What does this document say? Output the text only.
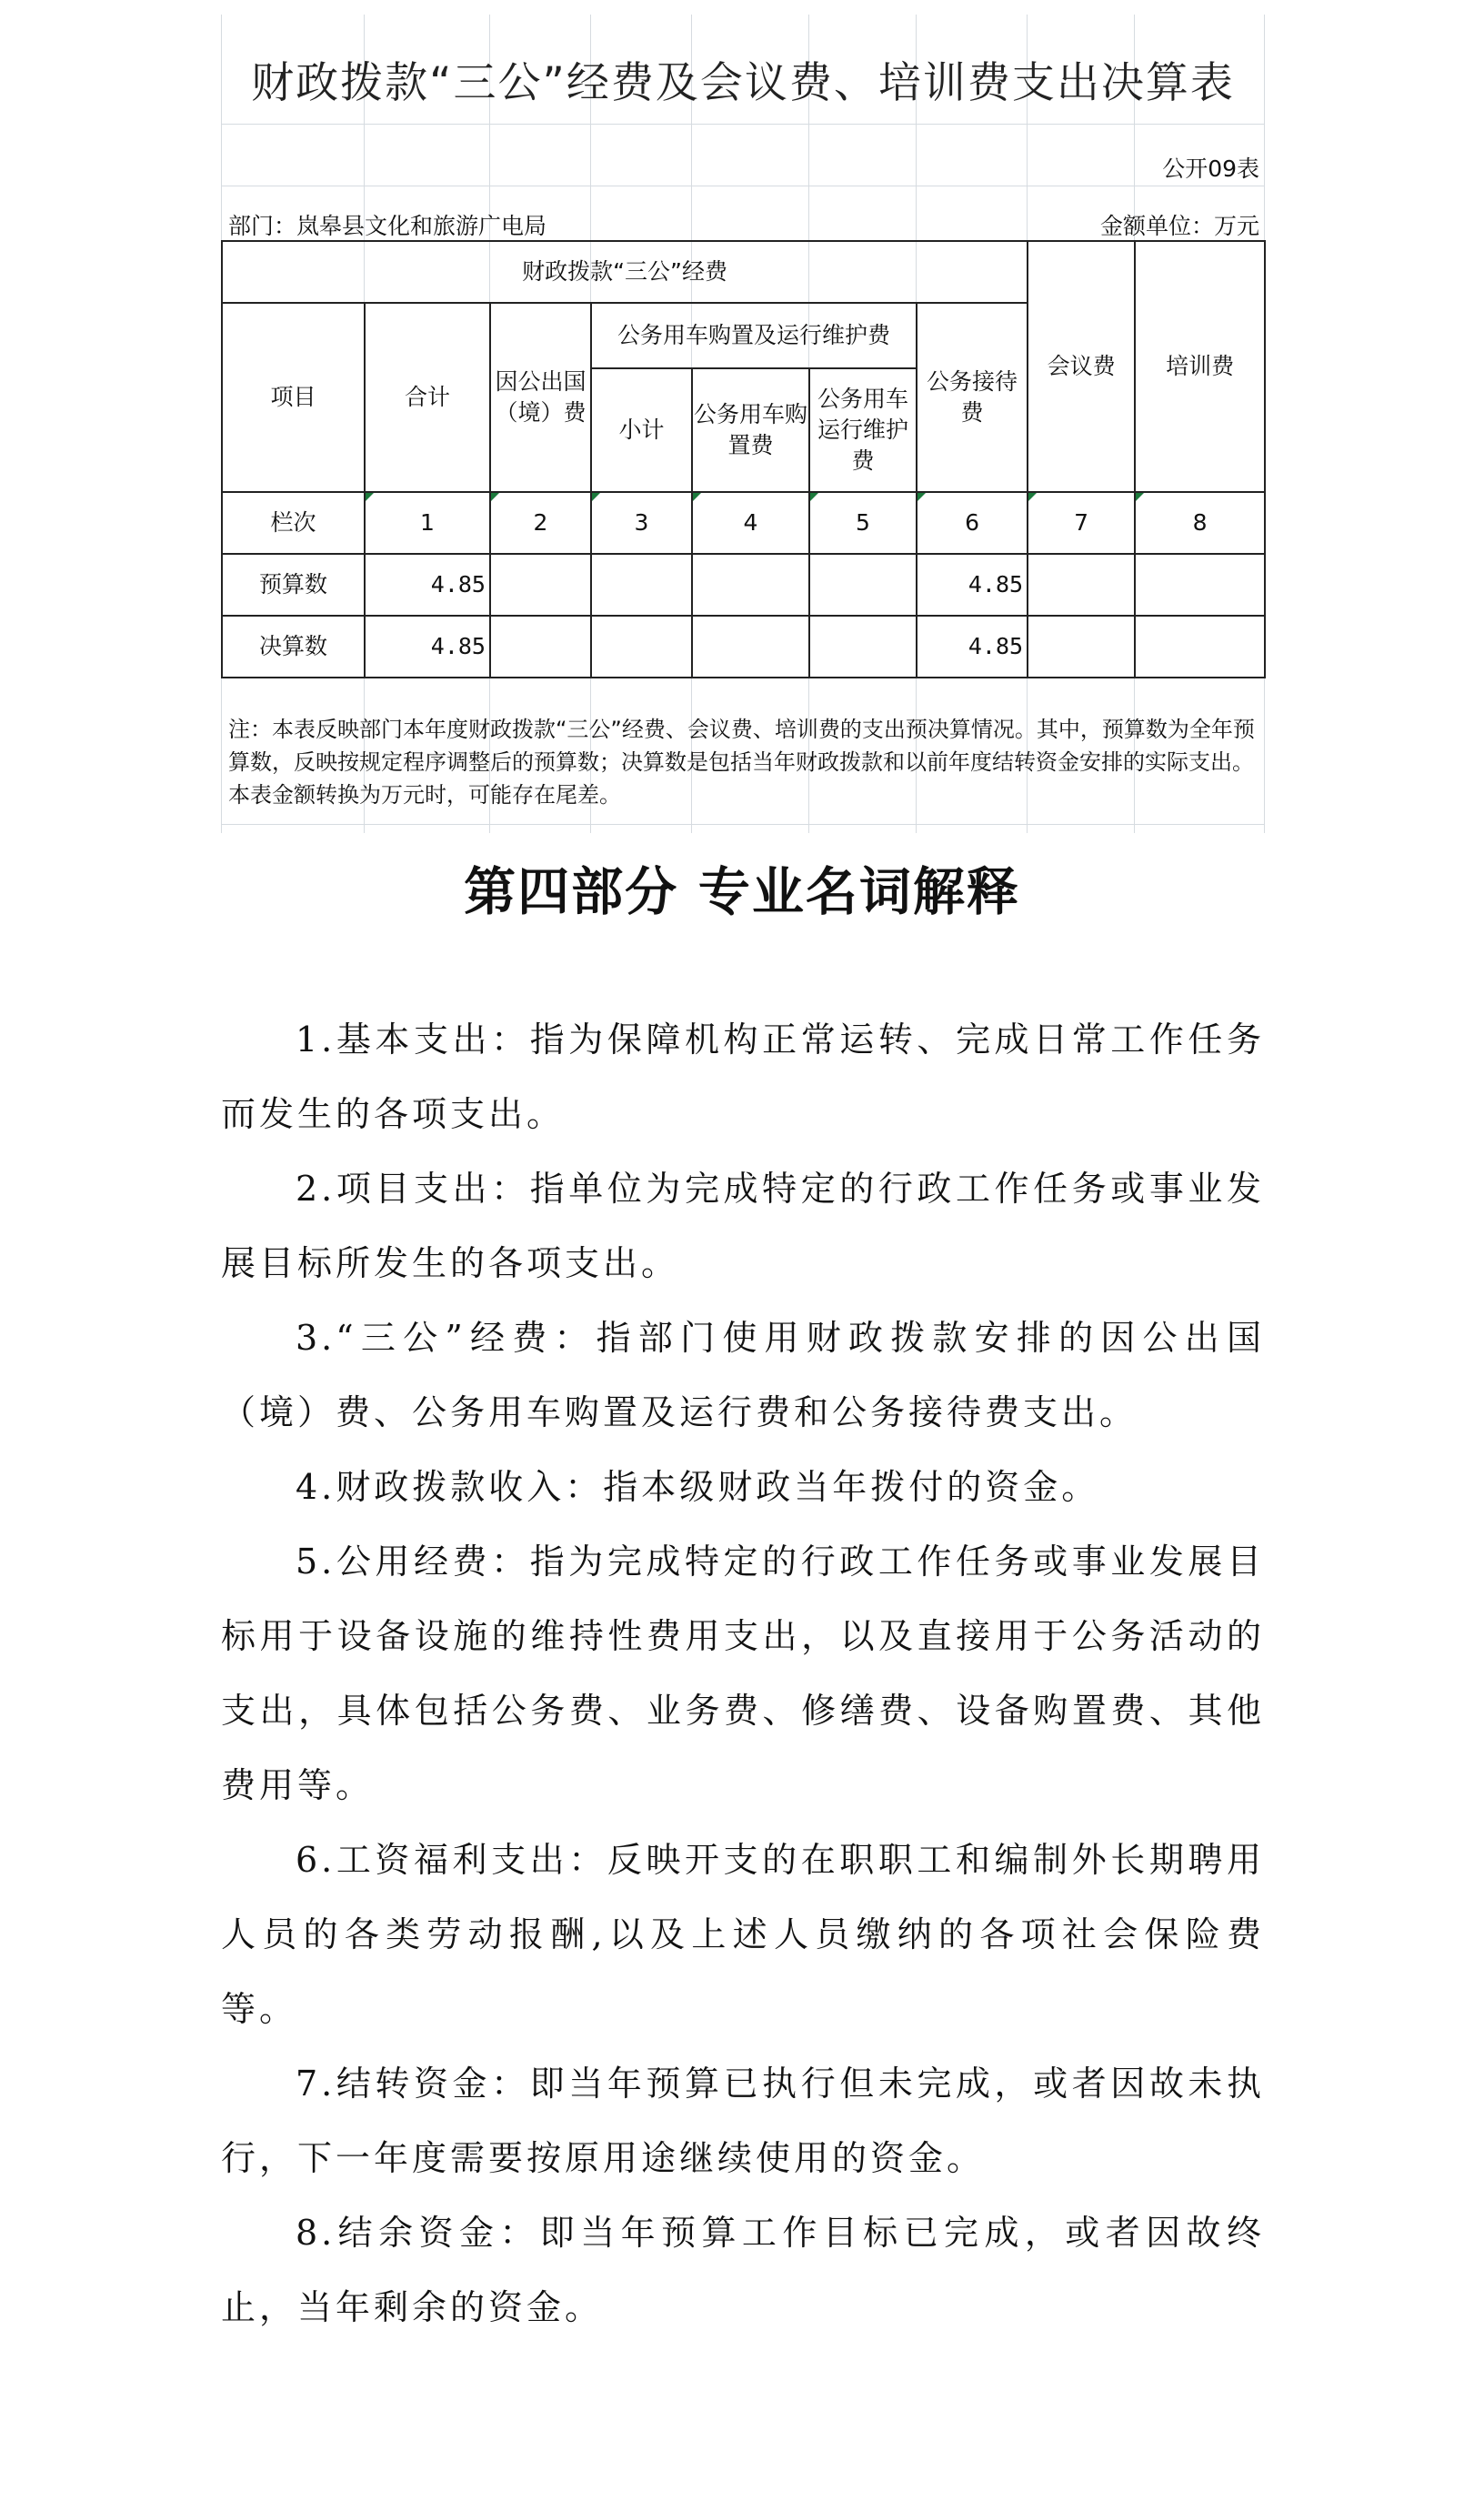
财政拨款“三公”经费及会议费、培训费支出决算表
公开09表
部门：岚皋县文化和旅游广电局	金额单位：万元
财政拨款“三公”经费							会议费	培训费
项目	合计	因公出国（境）费	公务用车购置及运行维护费			公务接待费		
			小计	公务用车购置费	公务用车运行维护费			
栏次	1	2	3	4	5	6	7	8
预算数	4.85					4.85		
决算数	4.85					4.85		
注：本表反映部门本年度财政拨款“三公”经费、会议费、培训费的支出预决算情况。其中，预算数为全年预算数，反映按规定程序调整后的预算数；决算数是包括当年财政拨款和以前年度结转资金安排的实际支出。本表金额转换为万元时，可能存在尾差。
第四部分 专业名词解释

1.基本支出：指为保障机构正常运转、完成日常工作任务而发生的各项支出。

2.项目支出：指单位为完成特定的行政工作任务或事业发展目标所发生的各项支出。

3.“三公”经费：指部门使用财政拨款安排的因公出国（境）费、公务用车购置及运行费和公务接待费支出。

4.财政拨款收入：指本级财政当年拨付的资金。

5.公用经费：指为完成特定的行政工作任务或事业发展目标用于设备设施的维持性费用支出，以及直接用于公务活动的支出，具体包括公务费、业务费、修缮费、设备购置费、其他费用等。

6.工资福利支出：反映开支的在职职工和编制外长期聘用人员的各类劳动报酬,以及上述人员缴纳的各项社会保险费等。

7.结转资金：即当年预算已执行但未完成，或者因故未执行，下一年度需要按原用途继续使用的资金。

8.结余资金：即当年预算工作目标已完成，或者因故终止，当年剩余的资金。
